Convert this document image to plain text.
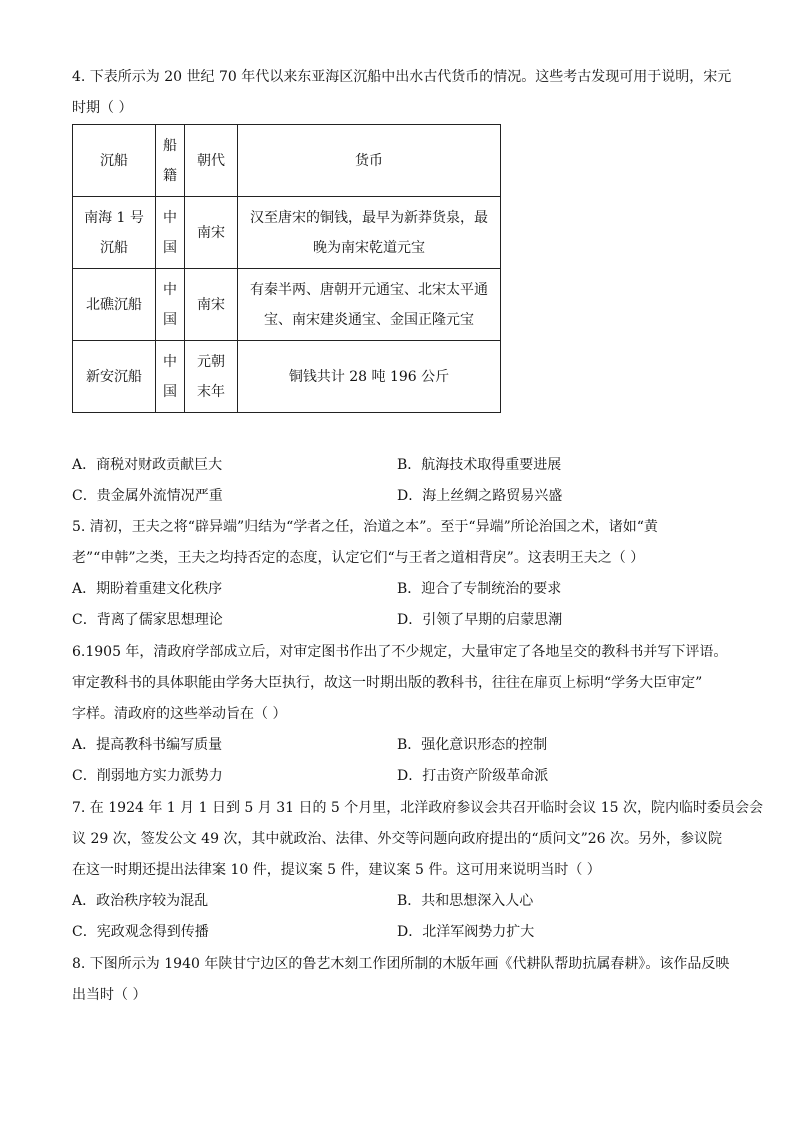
4. 下表所示为 20 世纪 70 年代以来东亚海区沉船中出水古代货币的情况。这些考古发现可用于说明，宋元
时期（ ）
沉船	船籍	朝代	货币
南海 1 号沉船	中国	南宋	汉至唐宋的铜钱，最早为新莽货泉，最晚为南宋乾道元宝
北礁沉船	中国	南宋	有秦半两、唐朝开元通宝、北宋太平通宝、南宋建炎通宝、金国正隆元宝
新安沉船	中国	元朝末年	铜钱共计 28 吨 196 公斤
A．商税对财政贡献巨大	B．航海技术取得重要进展
C．贵金属外流情况严重	D．海上丝绸之路贸易兴盛
5. 清初，王夫之将“辟异端”归结为“学者之任，治道之本”。至于“异端”所论治国之术，诸如“黄
老”“申韩”之类，王夫之均持否定的态度，认定它们“与王者之道相背戾”。这表明王夫之（ ）
A．期盼着重建文化秩序	B．迎合了专制统治的要求
C．背离了儒家思想理论	D．引领了早期的启蒙思潮
6.1905 年，清政府学部成立后，对审定图书作出了不少规定，大量审定了各地呈交的教科书并写下评语。
审定教科书的具体职能由学务大臣执行，故这一时期出版的教科书，往往在扉页上标明“学务大臣审定”
字样。清政府的这些举动旨在（ ）
A．提高教科书编写质量	B．强化意识形态的控制
C．削弱地方实力派势力	D．打击资产阶级革命派
7. 在 1924 年 1 月 1 日到 5 月 31 日的 5 个月里，北洋政府参议会共召开临时会议 15 次，院内临时委员会会
议 29 次，签发公文 49 次，其中就政治、法律、外交等问题向政府提出的“质问文”26 次。另外，参议院
在这一时期还提出法律案 10 件，提议案 5 件，建议案 5 件。这可用来说明当时（ ）
A．政治秩序较为混乱	B．共和思想深入人心
C．宪政观念得到传播	D．北洋军阀势力扩大
8. 下图所示为 1940 年陕甘宁边区的鲁艺木刻工作团所制的木版年画《代耕队帮助抗属春耕》。该作品反映
出当时（ ）
